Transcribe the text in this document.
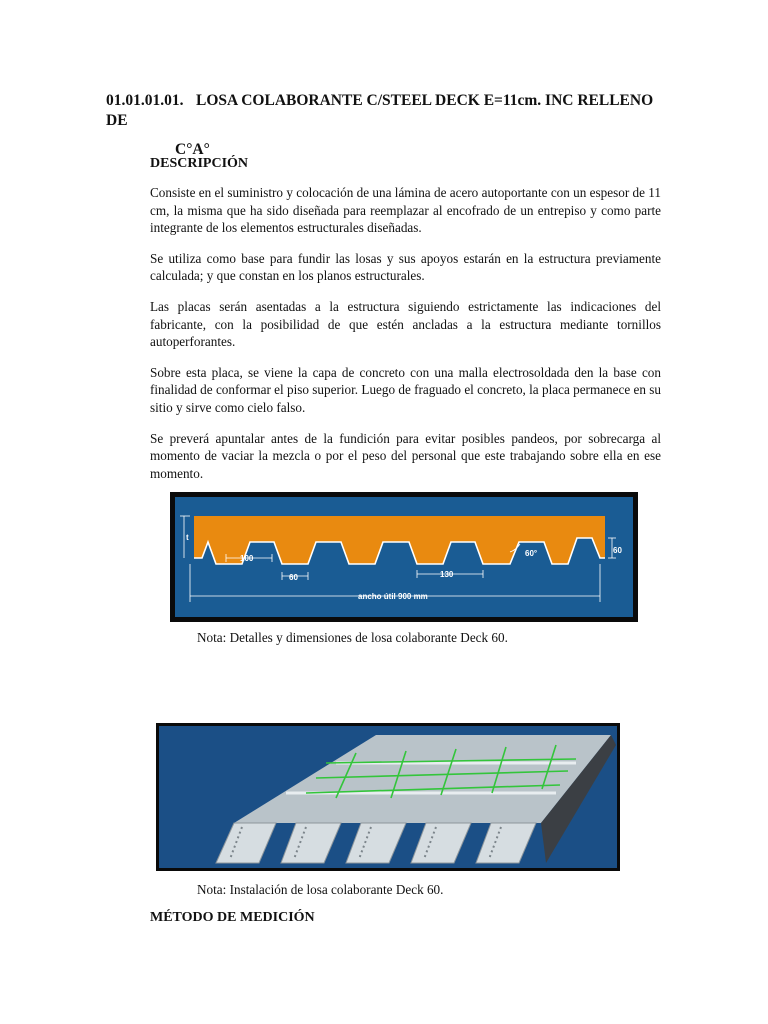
01.01.01.01. LOSA COLABORANTE C/STEEL DECK E=11cm. INC RELLENO DE
C°A°
DESCRIPCIÓN

Consiste en el suministro y colocación de una lámina de acero autoportante con un espesor de 11 cm, la misma que ha sido diseñada para reemplazar al encofrado de un entrepiso y como parte integrante de los elementos estructurales diseñadas.

Se utiliza como base para fundir las losas y sus apoyos estarán en la estructura previamente calculada; y que constan en los planos estructurales.

Las placas serán asentadas a la estructura siguiendo estrictamente las indicaciones del fabricante, con la posibilidad de que estén ancladas a la estructura mediante tornillos autoperforantes.

Sobre esta placa, se viene la capa de concreto con una malla electrosoldada den la base con finalidad de conformar el piso superior. Luego de fraguado el concreto, la placa permanece en su sitio y sirve como cielo falso.

Se preverá apuntalar antes de la fundición para evitar posibles pandeos, por sobrecarga al momento de vaciar la mezcla o por el peso del personal que este trabajando sobre ella en ese momento.

t
100
60	130
60°	60
ancho útil 900 mm
Nota: Detalles y dimensiones de losa colaborante Deck 60.
Nota: Instalación de losa colaborante Deck 60.
MÉTODO DE MEDICIÓN
